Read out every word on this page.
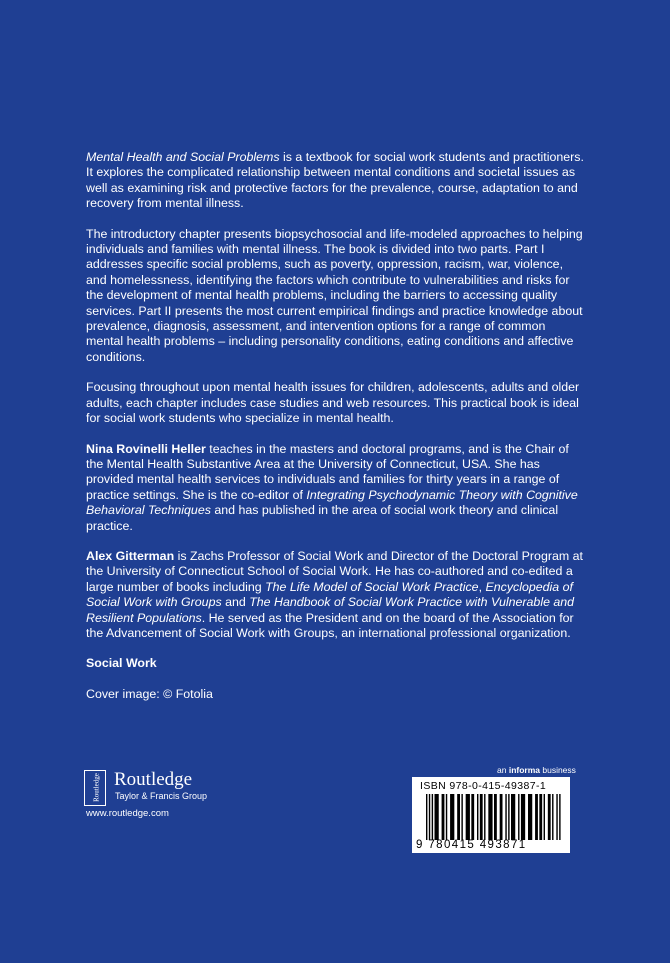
Mental Health and Social Problems is a textbook for social work students and practitioners. It explores the complicated relationship between mental conditions and societal issues as well as examining risk and protective factors for the prevalence, course, adaptation to and recovery from mental illness.

The introductory chapter presents biopsychosocial and life-modeled approaches to helping individuals and families with mental illness. The book is divided into two parts. Part I addresses specific social problems, such as poverty, oppression, racism, war, violence, and homelessness, identifying the factors which contribute to vulnerabilities and risks for the development of mental health problems, including the barriers to accessing quality services. Part II presents the most current empirical findings and practice knowledge about prevalence, diagnosis, assessment, and intervention options for a range of common mental health problems – including personality conditions, eating conditions and affective conditions.

Focusing throughout upon mental health issues for children, adolescents, adults and older adults, each chapter includes case studies and web resources. This practical book is ideal for social work students who specialize in mental health.

Nina Rovinelli Heller teaches in the masters and doctoral programs, and is the Chair of the Mental Health Substantive Area at the University of Connecticut, USA. She has provided mental health services to individuals and families for thirty years in a range of practice settings. She is the co-editor of Integrating Psychodynamic Theory with Cognitive Behavioral Techniques and has published in the area of social work theory and clinical practice.

Alex Gitterman is Zachs Professor of Social Work and Director of the Doctoral Program at the University of Connecticut School of Social Work. He has co-authored and co-edited a large number of books including The Life Model of Social Work Practice, Encyclopedia of Social Work with Groups and The Handbook of Social Work Practice with Vulnerable and Resilient Populations. He served as the President and on the board of the Association for the Advancement of Social Work with Groups, an international professional organization.

Social Work

Cover image: © Fotolia

Routledge Routledge
Taylor & Francis Group
www.routledge.com
an informa business
ISBN 978-0-415-49387-1
9 780415 493871
